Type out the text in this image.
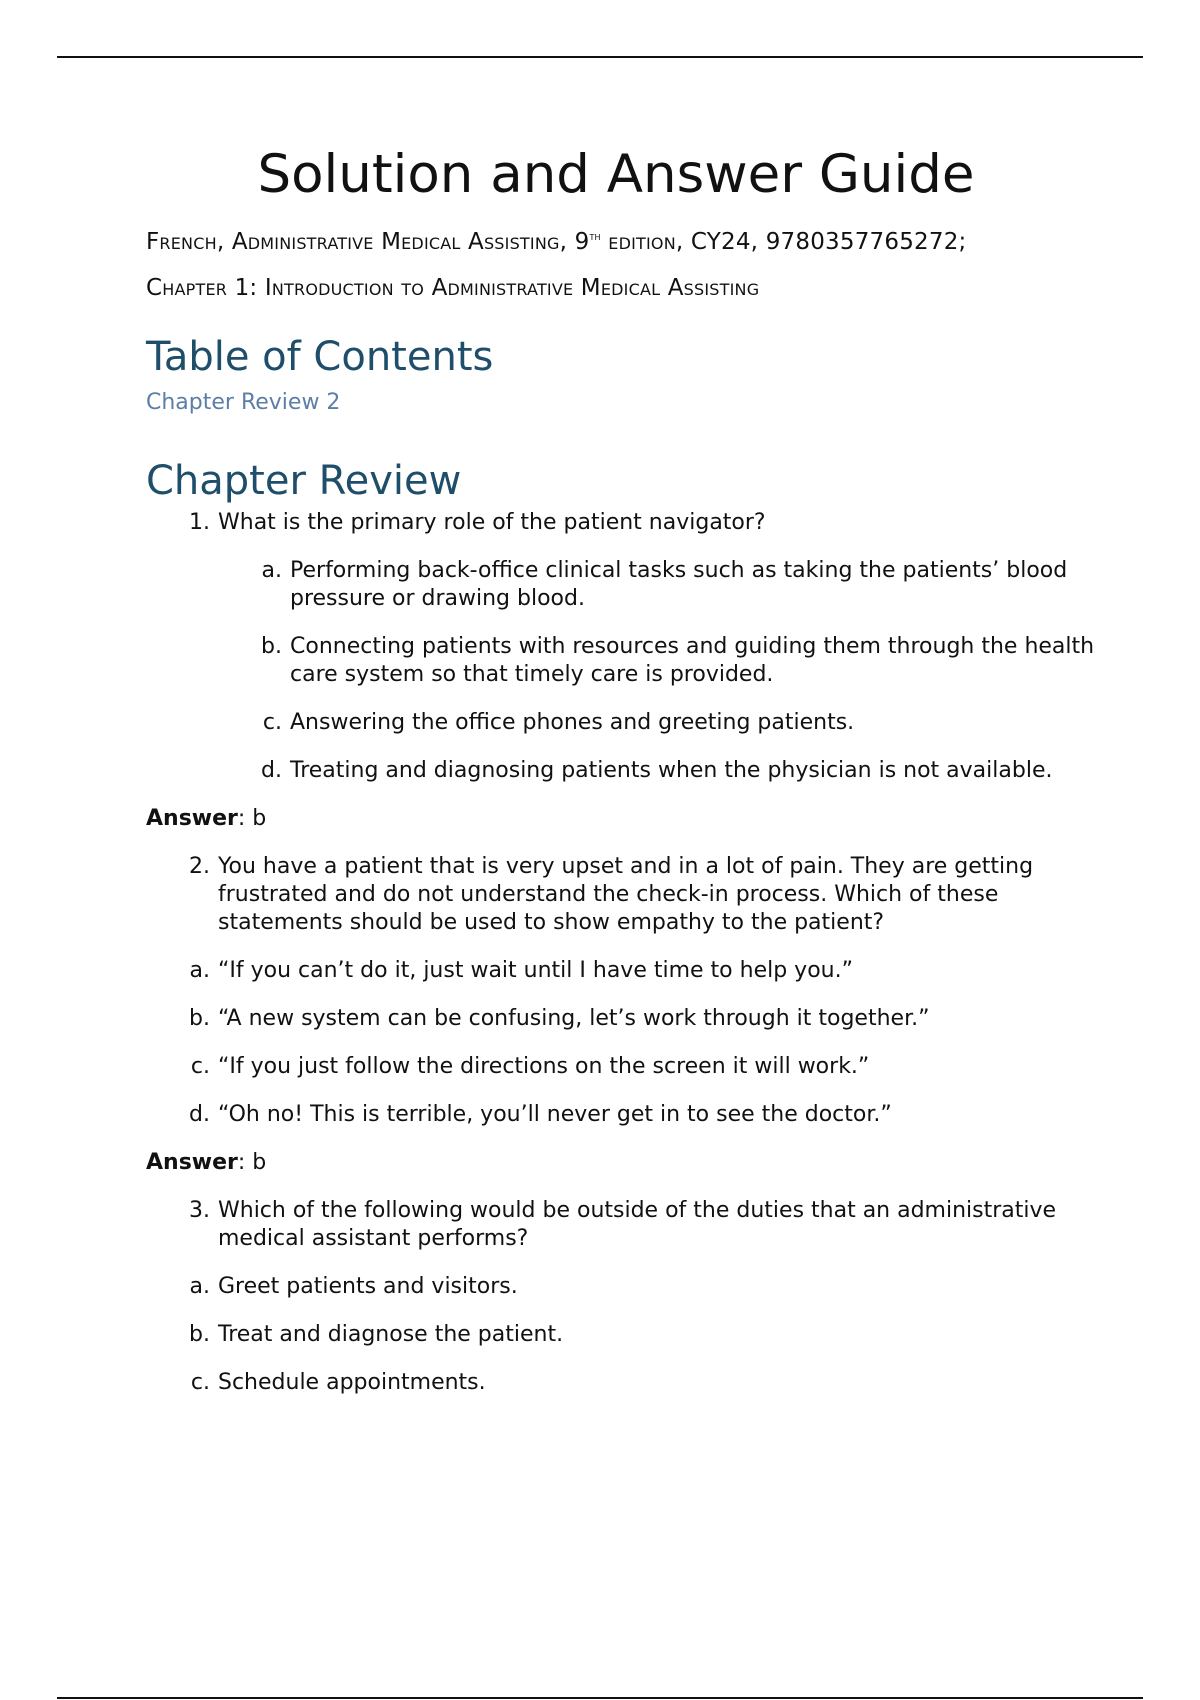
Solution and Answer Guide

French, Administrative Medical Assisting, 9th edition, CY24, 9780357765272;

Chapter 1: Introduction to Administrative Medical Assisting

Table of Contents

Chapter Review 2

Chapter Review

1. What is the primary role of the patient navigator?

a. Performing back-office clinical tasks such as taking the patients’ blood pressure or drawing blood.

b. Connecting patients with resources and guiding them through the health care system so that timely care is provided.

c. Answering the office phones and greeting patients.

d. Treating and diagnosing patients when the physician is not available.

Answer: b

2. You have a patient that is very upset and in a lot of pain. They are getting frustrated and do not understand the check-in process. Which of these statements should be used to show empathy to the patient?

a. “If you can’t do it, just wait until I have time to help you.”

b. “A new system can be confusing, let’s work through it together.”

c. “If you just follow the directions on the screen it will work.”

d. “Oh no! This is terrible, you’ll never get in to see the doctor.”

Answer: b

3. Which of the following would be outside of the duties that an administrative medical assistant performs?

a. Greet patients and visitors.

b. Treat and diagnose the patient.

c. Schedule appointments.
